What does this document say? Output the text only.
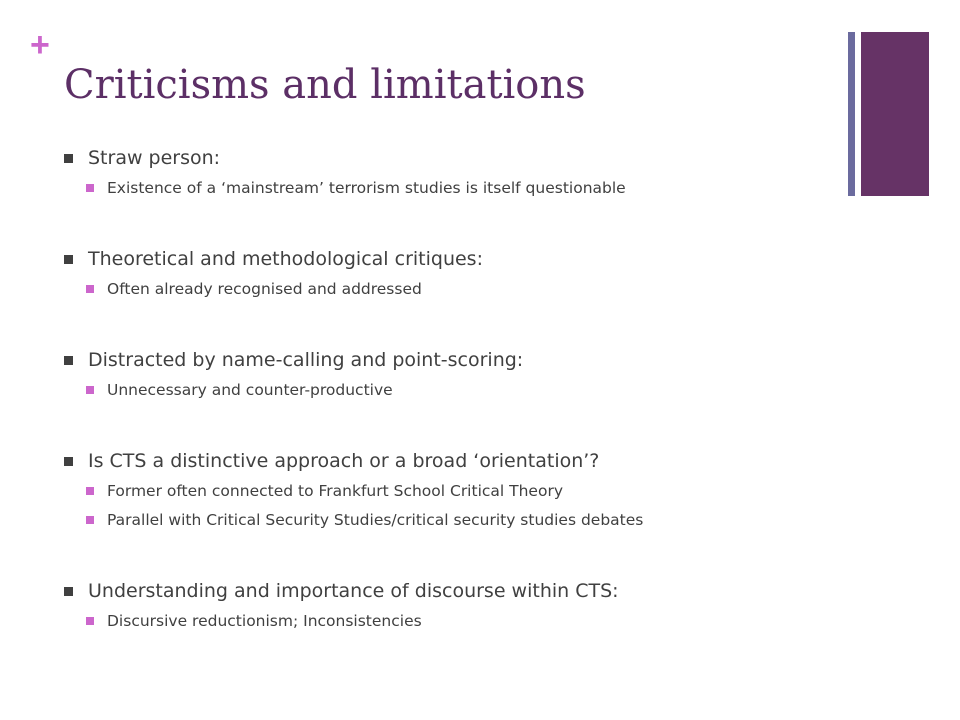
+
Criticisms and limitations
Straw person:
Existence of a ‘mainstream’ terrorism studies is itself questionable
Theoretical and methodological critiques:
Often already recognised and addressed
Distracted by name-calling and point-scoring:
Unnecessary and counter-productive
Is CTS a distinctive approach or a broad ‘orientation’?
Former often connected to Frankfurt School Critical Theory
Parallel with Critical Security Studies/critical security studies debates
Understanding and importance of discourse within CTS:
Discursive reductionism; Inconsistencies
